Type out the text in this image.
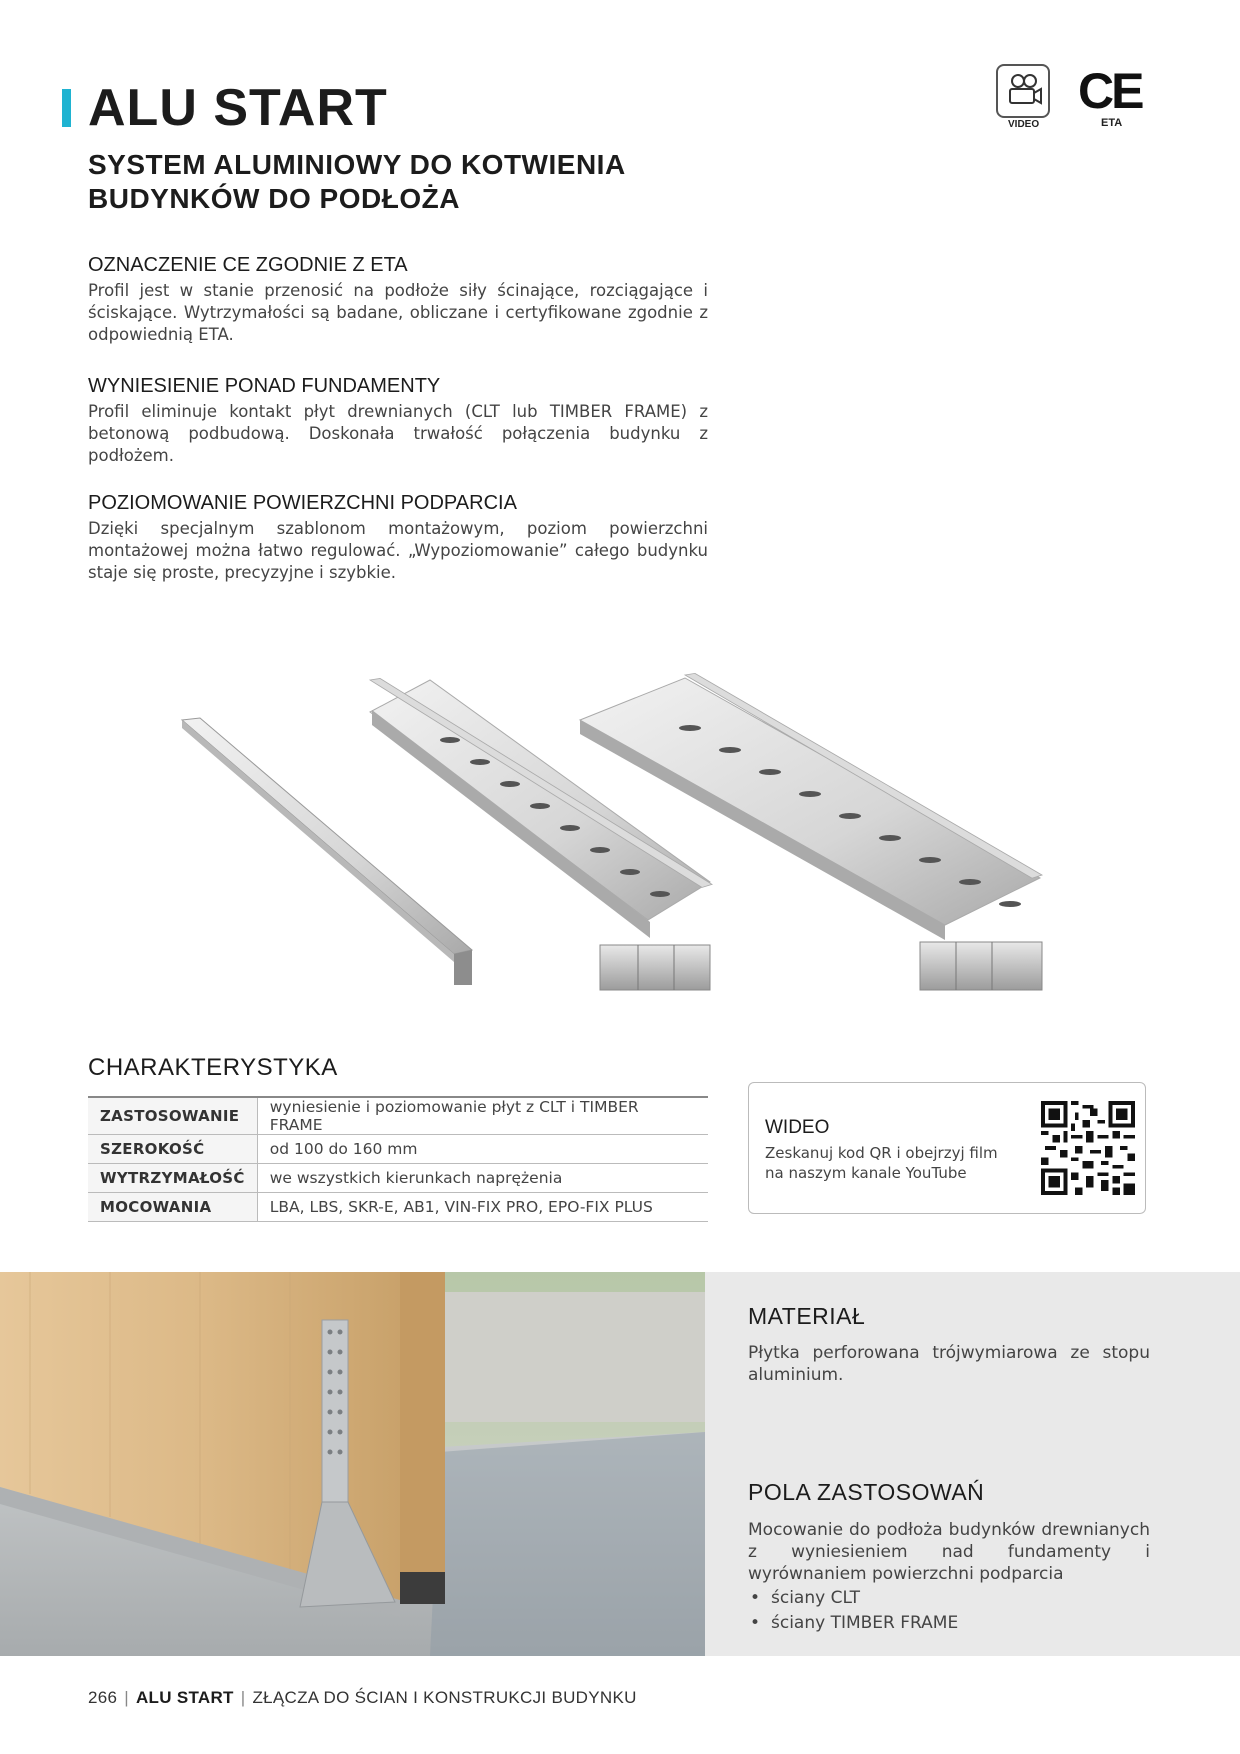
ALU START
SYSTEM ALUMINIOWY DO KOTWIENIA BUDYNKÓW DO PODŁOŻA
VIDEO
CE
ETA
OZNACZENIE CE ZGODNIE Z ETA

Profil jest w stanie przenosić na podłoże siły ścinające, rozciągające i ściskające. Wytrzymałości są badane, obliczane i certyfikowane zgodnie z odpowiednią ETA.

WYNIESIENIE PONAD FUNDAMENTY

Profil eliminuje kontakt płyt drewnianych (CLT lub TIMBER FRAME) z betonową podbudową. Doskonała trwałość połączenia budynku z podłożem.

POZIOMOWANIE POWIERZCHNI PODPARCIA

Dzięki specjalnym szablonom montażowym, poziom powierzchni montażowej można łatwo regulować. „Wypoziomowanie” całego budynku staje się proste, precyzyjne i szybkie.

CHARAKTERYSTYKA
ZASTOSOWANIE	wyniesienie i poziomowanie płyt z CLT i TIMBER FRAME
SZEROKOŚĆ	od 100 do 160 mm
WYTRZYMAŁOŚĆ	we wszystkich kierunkach naprężenia
MOCOWANIA	LBA, LBS, SKR-E, AB1, VIN-FIX PRO, EPO-FIX PLUS
WIDEO
Zeskanuj kod QR i obejrzyj film na naszym kanale YouTube
MATERIAŁ
Płytka perforowana trójwymiarowa ze stopu aluminium.
POLA ZASTOSOWAŃ
Mocowanie do podłoża budynków drewnianych z wyniesieniem nad fundamenty i wyrównaniem powierzchni podparcia
• ściany CLT
• ściany TIMBER FRAME
266 | ALU START | ZŁĄCZA DO ŚCIAN I KONSTRUKCJI BUDYNKU
